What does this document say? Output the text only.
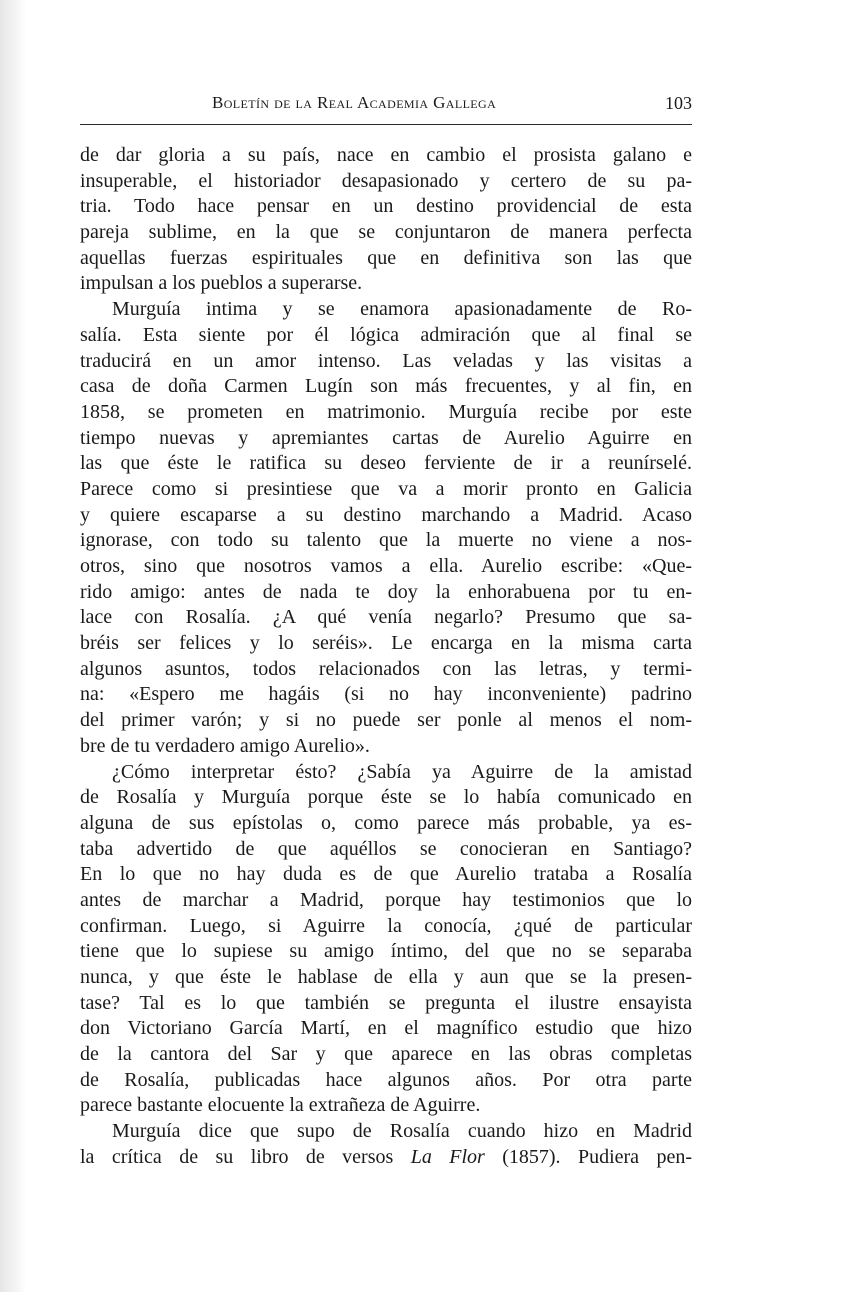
Boletín de la Real Academia Gallega	103
de dar gloria a su país, nace en cambio el prosista galano e
insuperable, el historiador desapasionado y certero de su pa-
tria. Todo hace pensar en un destino providencial de esta
pareja sublime, en la que se conjuntaron de manera perfecta
aquellas fuerzas espirituales que en definitiva son las que
impulsan a los pueblos a superarse.
Murguía intima y se enamora apasionadamente de Ro-
salía. Esta siente por él lógica admiración que al final se
traducirá en un amor intenso. Las veladas y las visitas a
casa de doña Carmen Lugín son más frecuentes, y al fin, en
1858, se prometen en matrimonio. Murguía recibe por este
tiempo nuevas y apremiantes cartas de Aurelio Aguirre en
las que éste le ratifica su deseo ferviente de ir a reunírselé.
Parece como si presintiese que va a morir pronto en Galicia
y quiere escaparse a su destino marchando a Madrid. Acaso
ignorase, con todo su talento que la muerte no viene a nos-
otros, sino que nosotros vamos a ella. Aurelio escribe: «Que-
rido amigo: antes de nada te doy la enhorabuena por tu en-
lace con Rosalía. ¿A qué venía negarlo? Presumo que sa-
bréis ser felices y lo seréis». Le encarga en la misma carta
algunos asuntos, todos relacionados con las letras, y termi-
na: «Espero me hagáis (si no hay inconveniente) padrino
del primer varón; y si no puede ser ponle al menos el nom-
bre de tu verdadero amigo Aurelio».
¿Cómo interpretar ésto? ¿Sabía ya Aguirre de la amistad
de Rosalía y Murguía porque éste se lo había comunicado en
alguna de sus epístolas o, como parece más probable, ya es-
taba advertido de que aquéllos se conocieran en Santiago?
En lo que no hay duda es de que Aurelio trataba a Rosalía
antes de marchar a Madrid, porque hay testimonios que lo
confirman. Luego, si Aguirre la conocía, ¿qué de particular
tiene que lo supiese su amigo íntimo, del que no se separaba
nunca, y que éste le hablase de ella y aun que se la presen-
tase? Tal es lo que también se pregunta el ilustre ensayista
don Victoriano García Martí, en el magnífico estudio que hizo
de la cantora del Sar y que aparece en las obras completas
de Rosalía, publicadas hace algunos años. Por otra parte
parece bastante elocuente la extrañeza de Aguirre.
Murguía dice que supo de Rosalía cuando hizo en Madrid
la crítica de su libro de versos La Flor (1857). Pudiera pen-
